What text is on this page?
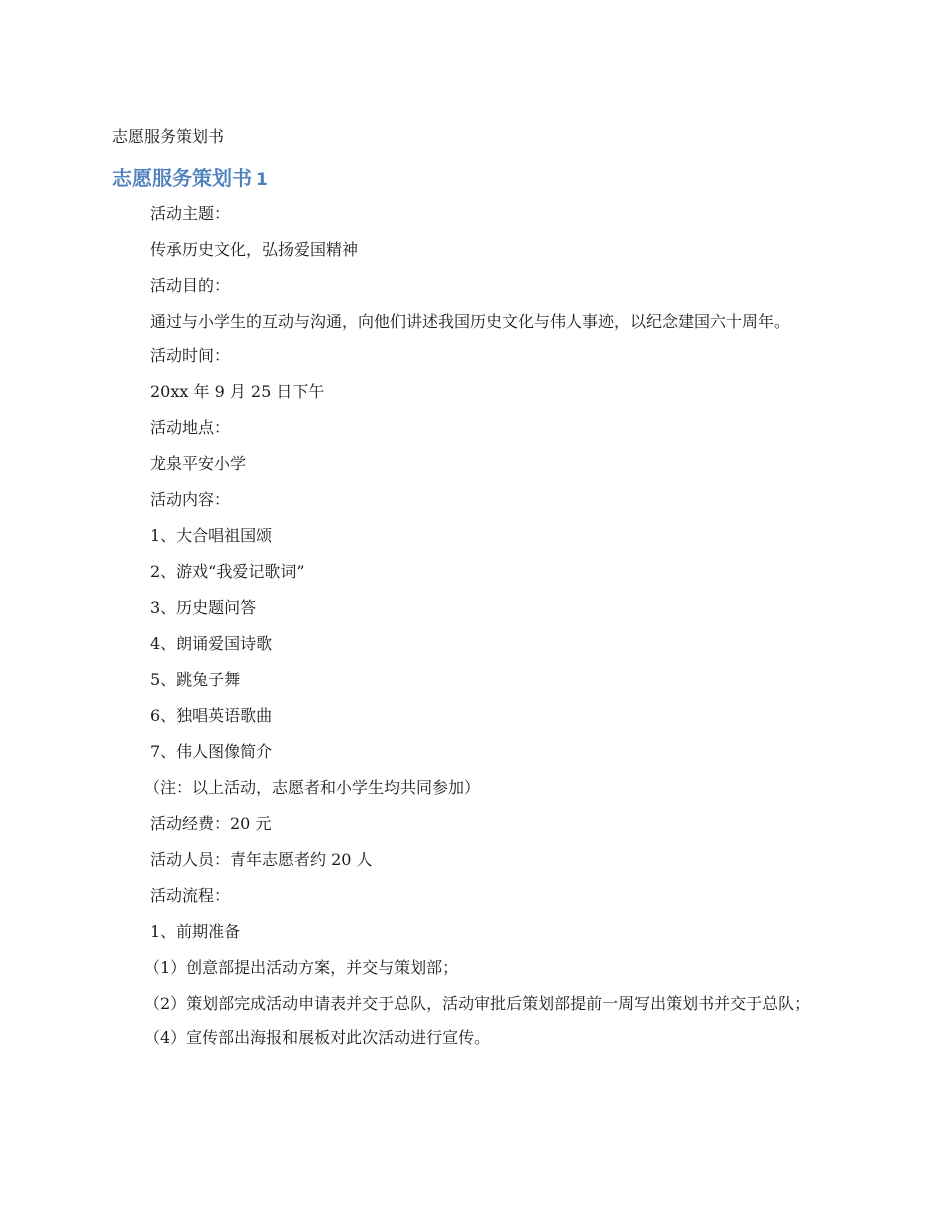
志愿服务策划书

志愿服务策划书 1

活动主题：

传承历史文化，弘扬爱国精神

活动目的：

通过与小学生的互动与沟通，向他们讲述我国历史文化与伟人事迹，以纪念建国六十周年。

活动时间：

20xx 年 9 月 25 日下午

活动地点：

龙泉平安小学

活动内容：

1、大合唱祖国颂

2、游戏“我爱记歌词”

3、历史题问答

4、朗诵爱国诗歌

5、跳兔子舞

6、独唱英语歌曲

7、伟人图像简介

（注：以上活动，志愿者和小学生均共同参加）

活动经费：20 元

活动人员：青年志愿者约 20 人

活动流程：

1、前期准备

（1）创意部提出活动方案，并交与策划部；

（2）策划部完成活动申请表并交于总队，活动审批后策划部提前一周写出策划书并交于总队；

（4）宣传部出海报和展板对此次活动进行宣传。
